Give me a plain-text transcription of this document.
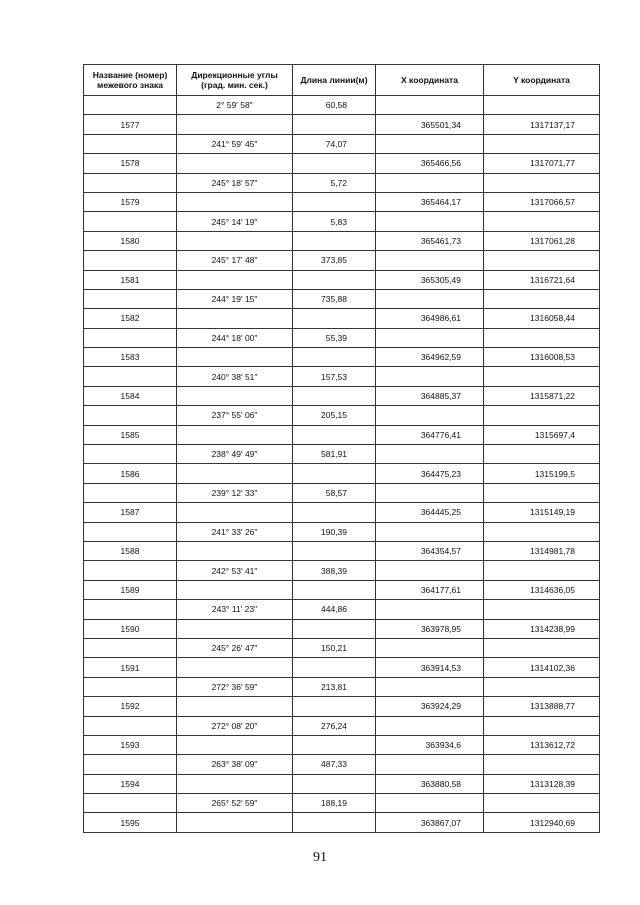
Название (номер)
межевого знака	Дирекционные углы
(град. мин. сек.)	Длина линии(м)	X координата	Y координата
	2° 59' 58"	60,58		
1577			365501,34	1317137,17
	241° 59' 45"	74,07		
1578			365466,56	1317071,77
	245° 18' 57"	5,72		
1579			365464,17	1317066,57
	245° 14' 19"	5,83		
1580			365461,73	1317061,28
	245° 17' 48"	373,85		
1581			365305,49	1316721,64
	244° 19' 15"	735,88		
1582			364986,61	1316058,44
	244° 18' 00"	55,39		
1583			364962,59	1316008,53
	240° 38' 51"	157,53		
1584			364885,37	1315871,22
	237° 55' 06"	205,15		
1585			364776,41	1315697,4
	238° 49' 49"	581,91		
1586			364475,23	1315199,5
	239° 12' 33"	58,57		
1587			364445,25	1315149,19
	241° 33' 26"	190,39		
1588			364354,57	1314981,78
	242° 53' 41"	388,39		
1589			364177,61	1314636,05
	243° 11' 23"	444,86		
1590			363978,95	1314238,99
	245° 26' 47"	150,21		
1591			363914,53	1314102,36
	272° 36' 59"	213,81		
1592			363924,29	1313888,77
	272° 08' 20"	276,24		
1593			363934,6	1313612,72
	263° 38' 09"	487,33		
1594			363880,58	1313128,39
	265° 52' 59"	188,19		
1595			363867,07	1312940,69
91
